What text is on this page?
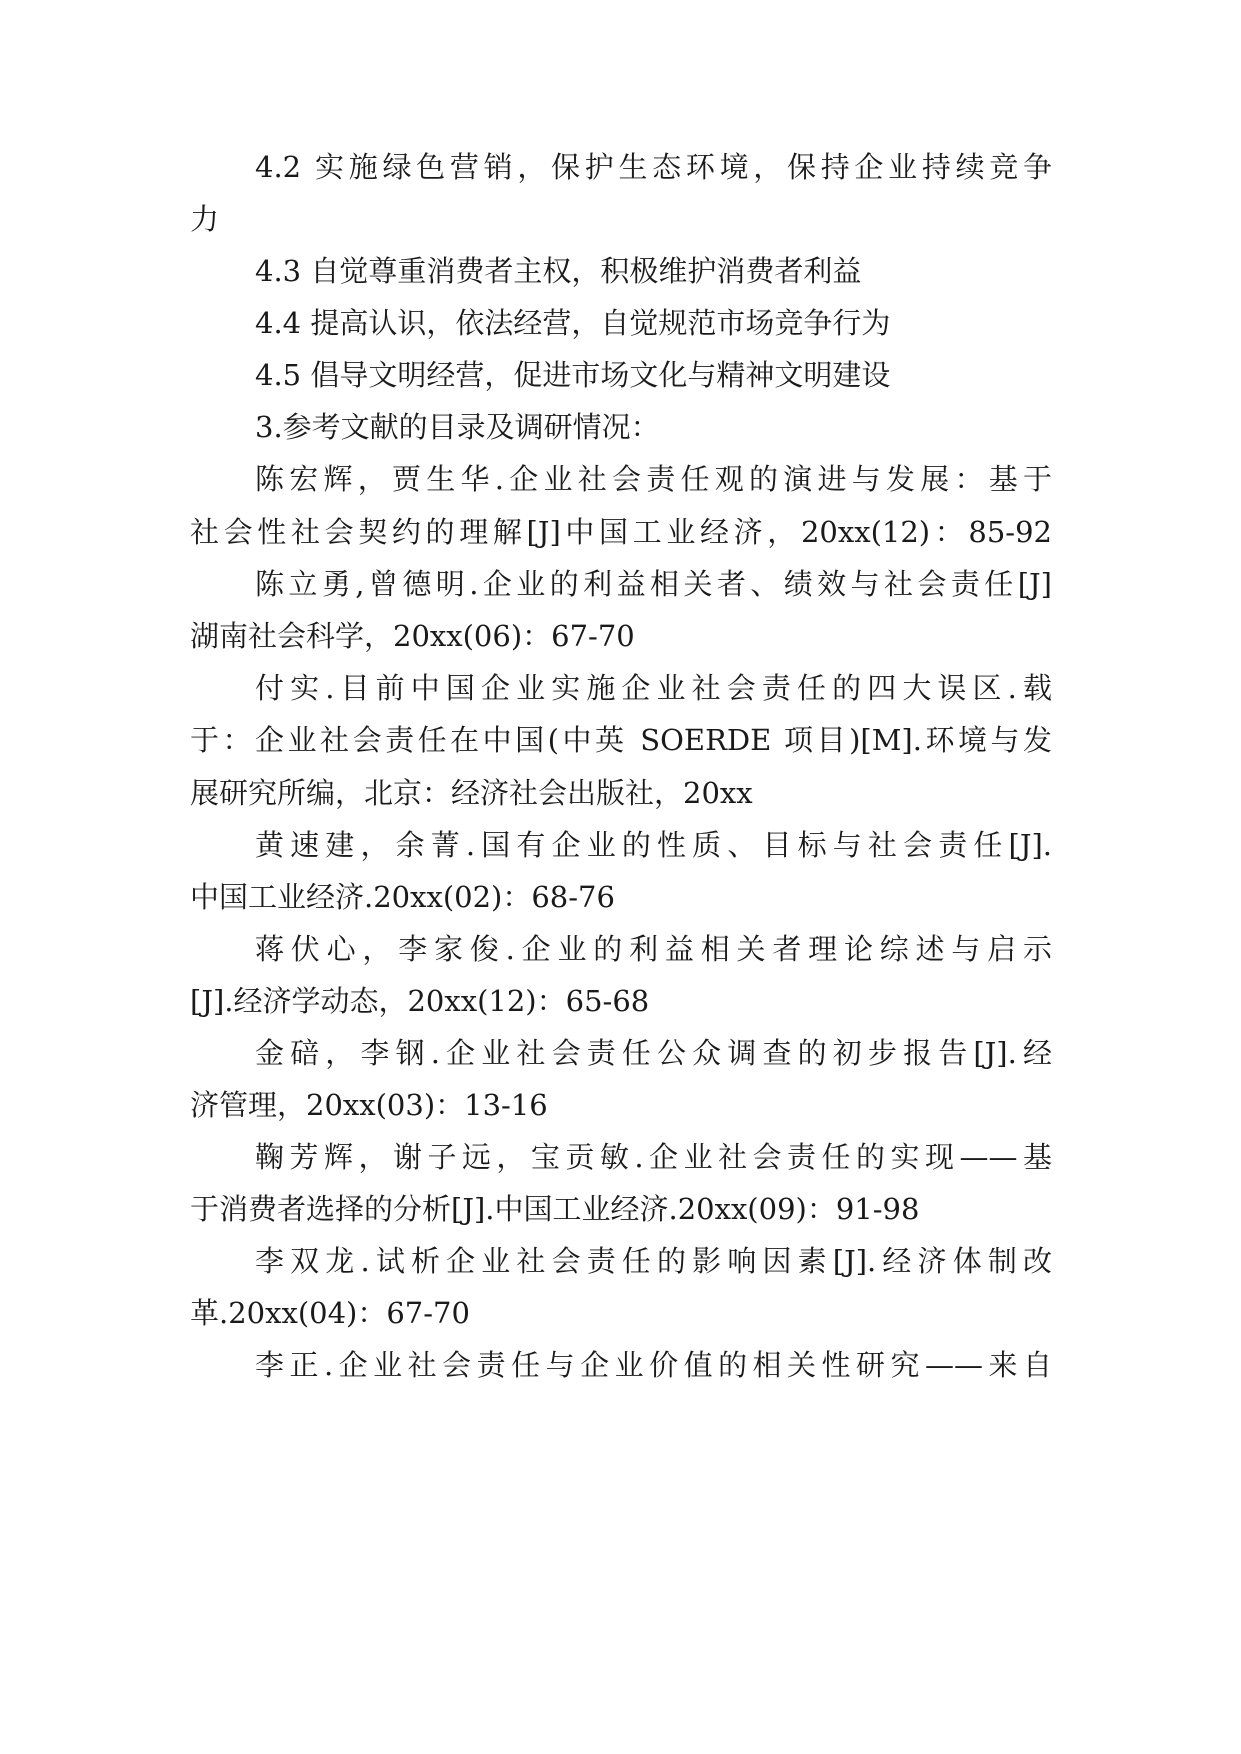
4.2 实施绿色营销，保护生态环境，保持企业持续竞争
力
4.3 自觉尊重消费者主权，积极维护消费者利益
4.4 提高认识，依法经营，自觉规范市场竞争行为
4.5 倡导文明经营，促进市场文化与精神文明建设
3.参考文献的目录及调研情况：
陈宏辉，贾生华.企业社会责任观的演进与发展：基于
社会性社会契约的理解[J]中国工业经济，20xx(12)：85-92
陈立勇,曾德明.企业的利益相关者、绩效与社会责任[J]
湖南社会科学，20xx(06)：67-70
付实.目前中国企业实施企业社会责任的四大误区.载
于：企业社会责任在中国(中英 SOERDE 项目)[M].环境与发
展研究所编，北京：经济社会出版社，20xx
黄速建，余菁.国有企业的性质、目标与社会责任[J].
中国工业经济.20xx(02)：68-76
蒋伏心，李家俊.企业的利益相关者理论综述与启示
[J].经济学动态，20xx(12)：65-68
金碚，李钢.企业社会责任公众调查的初步报告[J].经
济管理，20xx(03)：13-16
鞠芳辉，谢子远，宝贡敏.企业社会责任的实现——基
于消费者选择的分析[J].中国工业经济.20xx(09)：91-98
李双龙.试析企业社会责任的影响因素[J].经济体制改
革.20xx(04)：67-70
李正.企业社会责任与企业价值的相关性研究——来自
